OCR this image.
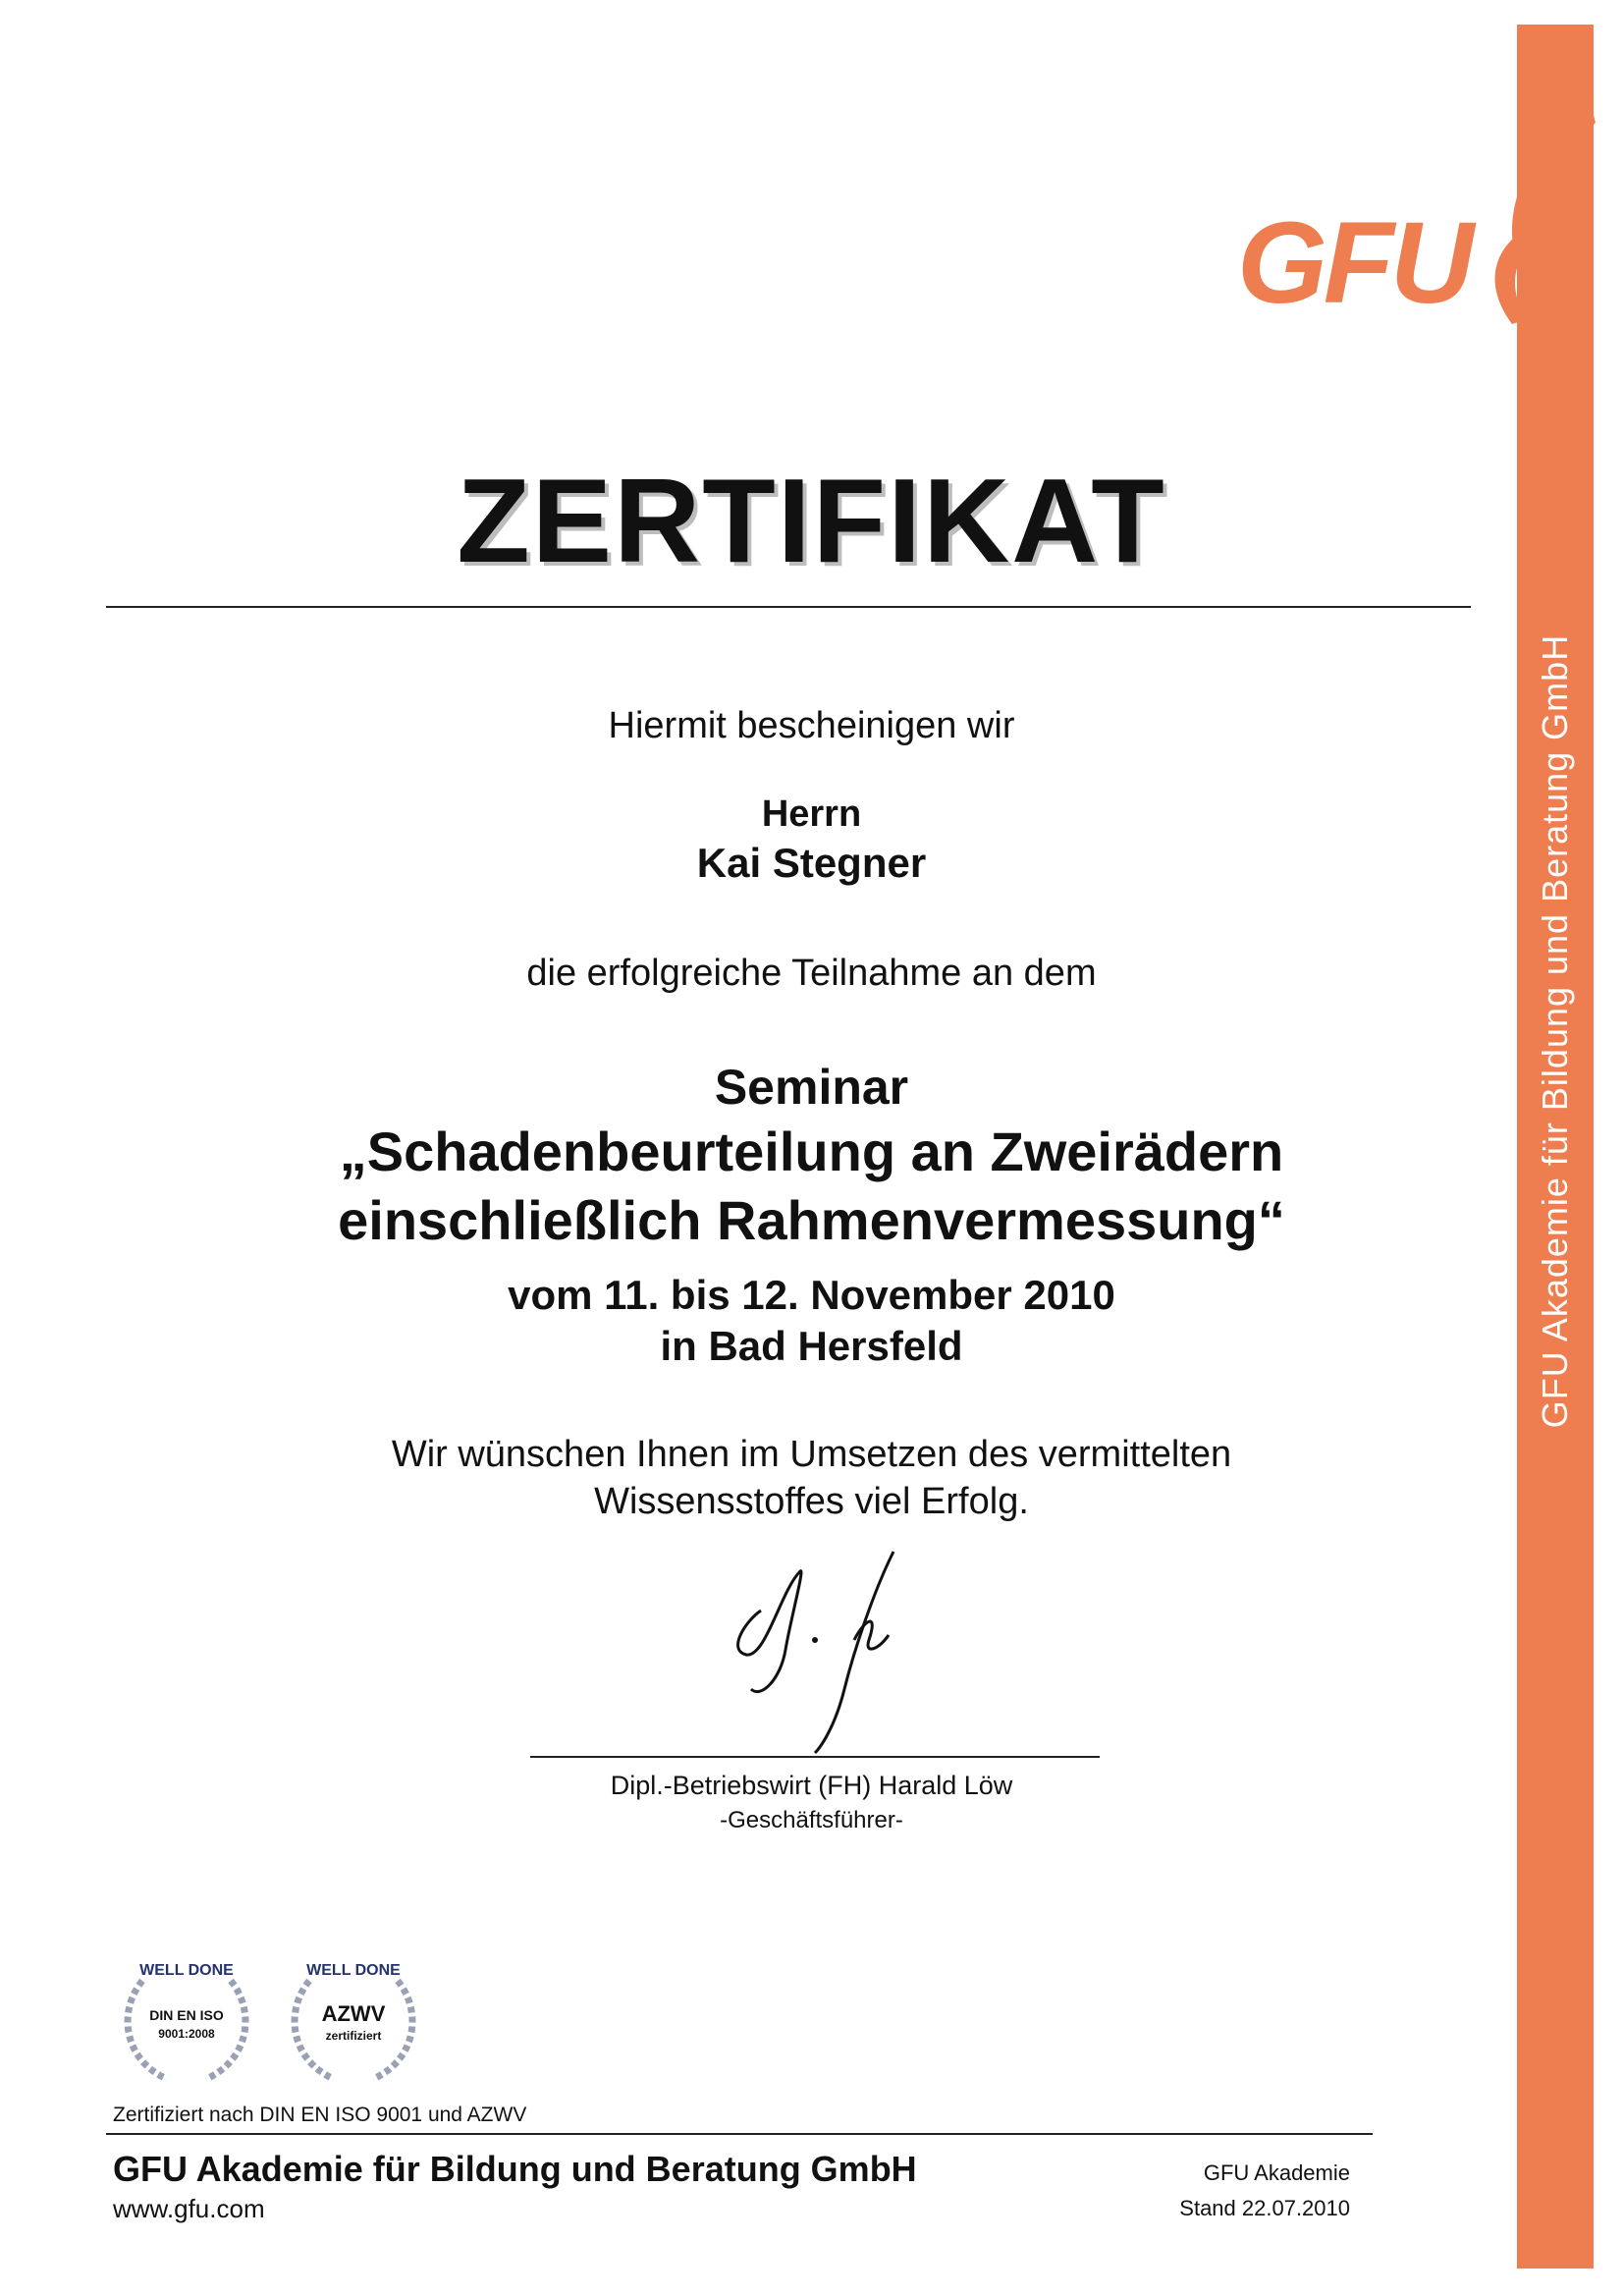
GFU Akademie für Bildung und Beratung GmbH
GFU
ZERTIFIKAT
Hiermit bescheinigen wir
Herrn
Kai Stegner
die erfolgreiche Teilnahme an dem
Seminar
„Schadenbeurteilung an Zweirädern
einschließlich Rahmenvermessung“
vom 11. bis 12. November 2010
in Bad Hersfeld
Wir wünschen Ihnen im Umsetzen des vermittelten
Wissensstoffes viel Erfolg.
Dipl.-Betriebswirt (FH) Harald Löw
-Geschäftsführer-
WELL DONE
DIN EN ISO
9001:2008
WELL DONE
AZWV
zertifiziert
Zertifiziert nach DIN EN ISO 9001 und AZWV
GFU Akademie für Bildung und Beratung GmbH
www.gfu.com
GFU Akademie
Stand 22.07.2010
